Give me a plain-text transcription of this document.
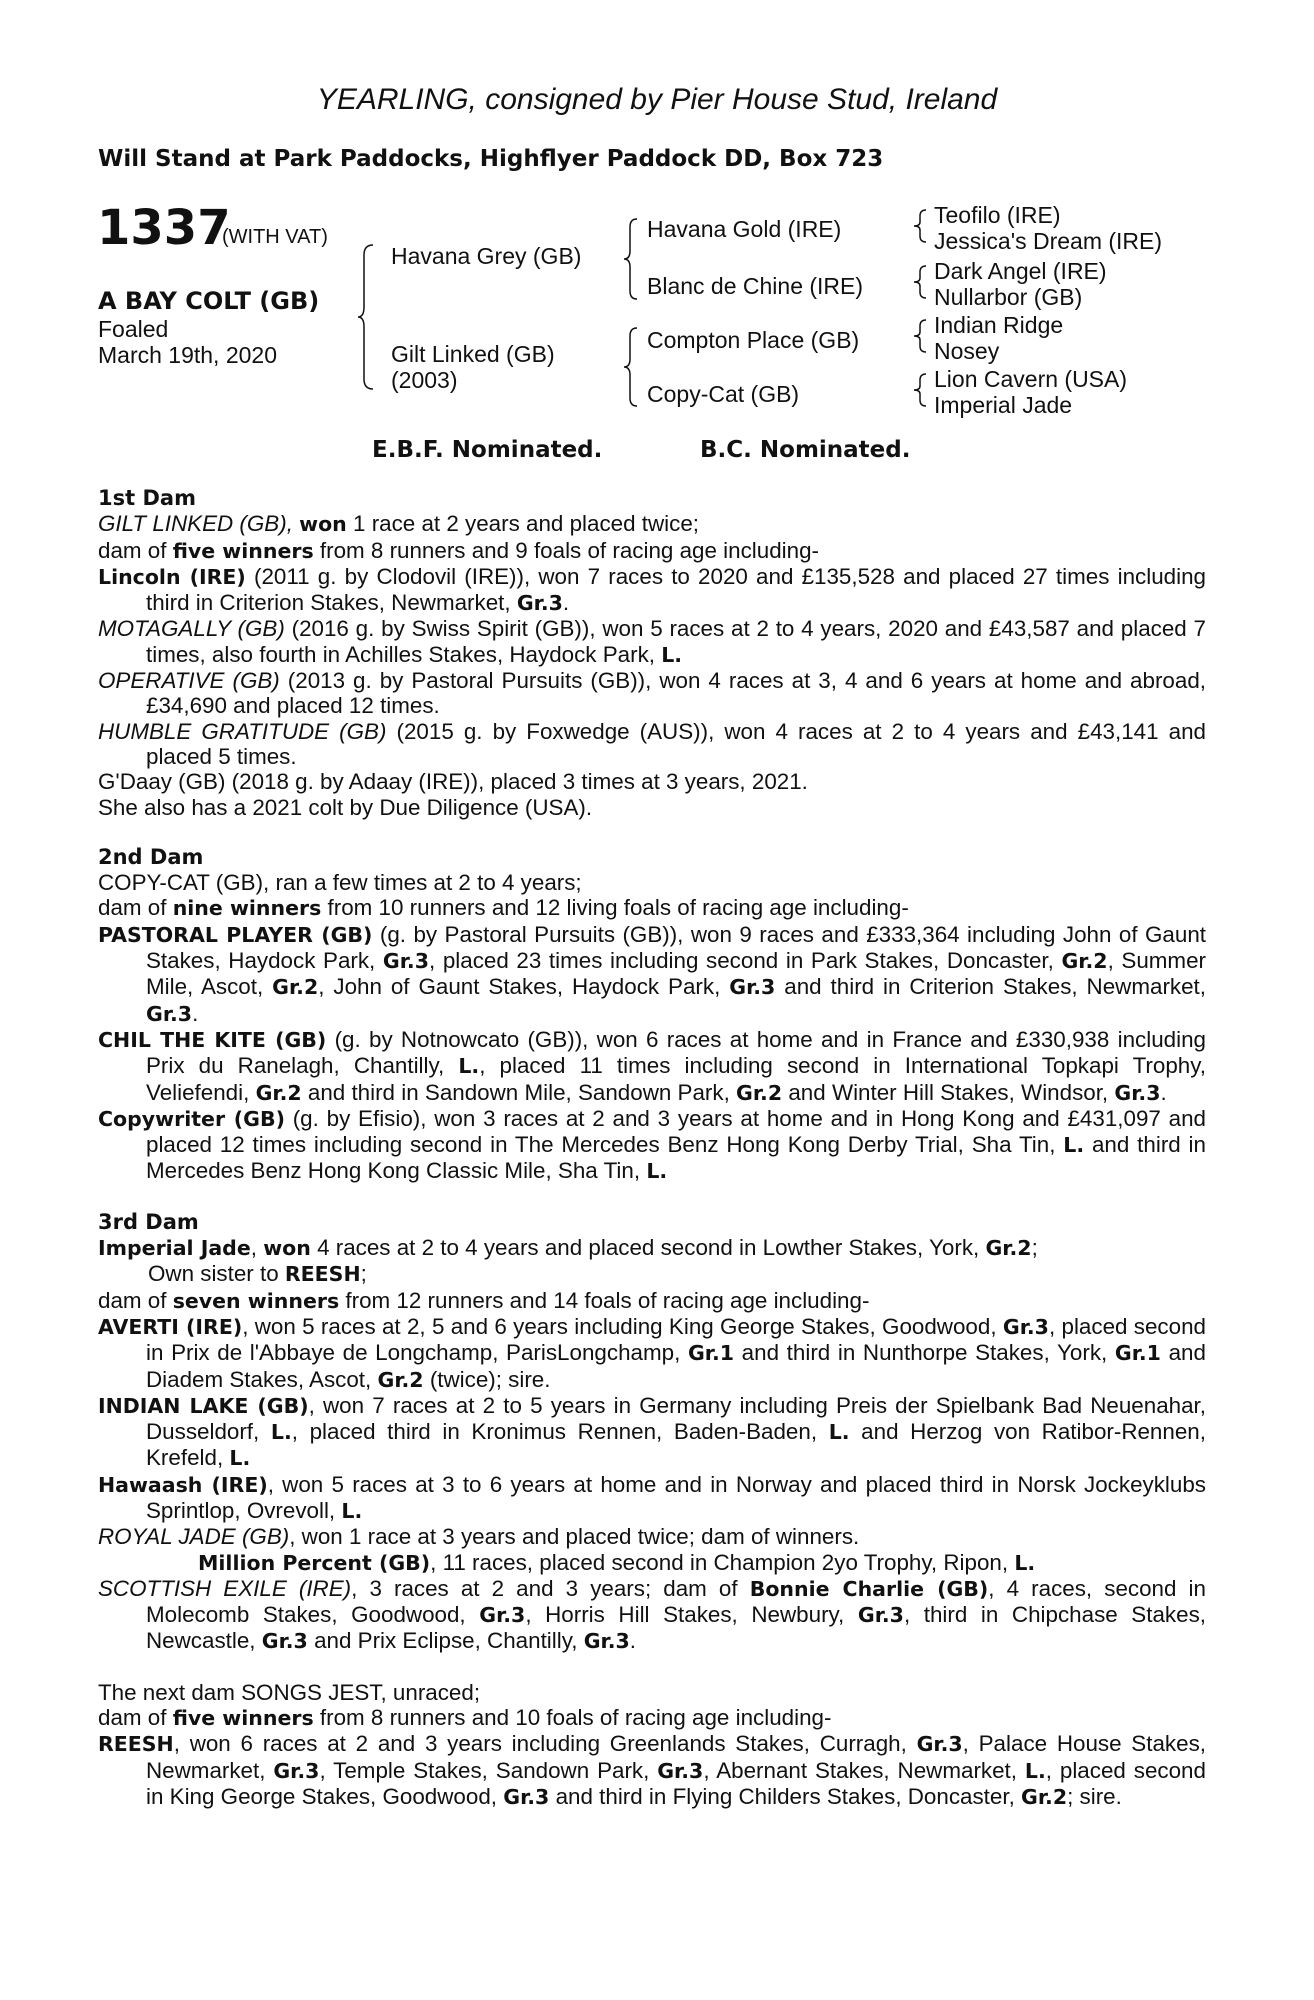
YEARLING, consigned by Pier House Stud, Ireland
Will Stand at Park Paddocks, Highflyer Paddock DD, Box 723
1337
(WITH VAT)
A BAY COLT (GB)
Foaled
March 19th, 2020
Havana Grey (GB)
Gilt Linked (GB)
(2003)
Havana Gold (IRE)
Blanc de Chine (IRE)
Compton Place (GB)
Copy-Cat (GB)
Teofilo (IRE)
Jessica's Dream (IRE)
Dark Angel (IRE)
Nullarbor (GB)
Indian Ridge
Nosey
Lion Cavern (USA)
Imperial Jade
E.B.F. Nominated.	B.C. Nominated.

1st Dam

GILT LINKED (GB), won 1 race at 2 years and placed twice;

dam of five winners from 8 runners and 9 foals of racing age including-

Lincoln (IRE) (2011 g. by Clodovil (IRE)), won 7 races to 2020 and £135,528 and placed 27 times including third in Criterion Stakes, Newmarket, Gr.3.

MOTAGALLY (GB) (2016 g. by Swiss Spirit (GB)), won 5 races at 2 to 4 years, 2020 and £43,587 and placed 7 times, also fourth in Achilles Stakes, Haydock Park, L.

OPERATIVE (GB) (2013 g. by Pastoral Pursuits (GB)), won 4 races at 3, 4 and 6 years at home and abroad, £34,690 and placed 12 times.

HUMBLE GRATITUDE (GB) (2015 g. by Foxwedge (AUS)), won 4 races at 2 to 4 years and £43,141 and placed 5 times.

G'Daay (GB) (2018 g. by Adaay (IRE)), placed 3 times at 3 years, 2021.

She also has a 2021 colt by Due Diligence (USA).

2nd Dam

COPY-CAT (GB), ran a few times at 2 to 4 years;

dam of nine winners from 10 runners and 12 living foals of racing age including-

PASTORAL PLAYER (GB) (g. by Pastoral Pursuits (GB)), won 9 races and £333,364 including John of Gaunt Stakes, Haydock Park, Gr.3, placed 23 times including second in Park Stakes, Doncaster, Gr.2, Summer Mile, Ascot, Gr.2, John of Gaunt Stakes, Haydock Park, Gr.3 and third in Criterion Stakes, Newmarket, Gr.3.

CHIL THE KITE (GB) (g. by Notnowcato (GB)), won 6 races at home and in France and £330,938 including Prix du Ranelagh, Chantilly, L., placed 11 times including second in International Topkapi Trophy, Veliefendi, Gr.2 and third in Sandown Mile, Sandown Park, Gr.2 and Winter Hill Stakes, Windsor, Gr.3.

Copywriter (GB) (g. by Efisio), won 3 races at 2 and 3 years at home and in Hong Kong and £431,097 and placed 12 times including second in The Mercedes Benz Hong Kong Derby Trial, Sha Tin, L. and third in Mercedes Benz Hong Kong Classic Mile, Sha Tin, L.

3rd Dam

Imperial Jade, won 4 races at 2 to 4 years and placed second in Lowther Stakes, York, Gr.2;

Own sister to REESH;

dam of seven winners from 12 runners and 14 foals of racing age including-

AVERTI (IRE), won 5 races at 2, 5 and 6 years including King George Stakes, Goodwood, Gr.3, placed second in Prix de l'Abbaye de Longchamp, ParisLongchamp, Gr.1 and third in Nunthorpe Stakes, York, Gr.1 and Diadem Stakes, Ascot, Gr.2 (twice); sire.

INDIAN LAKE (GB), won 7 races at 2 to 5 years in Germany including Preis der Spielbank Bad Neuenahar, Dusseldorf, L., placed third in Kronimus Rennen, Baden-Baden, L. and Herzog von Ratibor-Rennen, Krefeld, L.

Hawaash (IRE), won 5 races at 3 to 6 years at home and in Norway and placed third in Norsk Jockeyklubs Sprintlop, Ovrevoll, L.

ROYAL JADE (GB), won 1 race at 3 years and placed twice; dam of winners.

Million Percent (GB), 11 races, placed second in Champion 2yo Trophy, Ripon, L.

SCOTTISH EXILE (IRE), 3 races at 2 and 3 years; dam of Bonnie Charlie (GB), 4 races, second in Molecomb Stakes, Goodwood, Gr.3, Horris Hill Stakes, Newbury, Gr.3, third in Chipchase Stakes, Newcastle, Gr.3 and Prix Eclipse, Chantilly, Gr.3.

The next dam SONGS JEST, unraced;

dam of five winners from 8 runners and 10 foals of racing age including-

REESH, won 6 races at 2 and 3 years including Greenlands Stakes, Curragh, Gr.3, Palace House Stakes, Newmarket, Gr.3, Temple Stakes, Sandown Park, Gr.3, Abernant Stakes, Newmarket, L., placed second in King George Stakes, Goodwood, Gr.3 and third in Flying Childers Stakes, Doncaster, Gr.2; sire.
